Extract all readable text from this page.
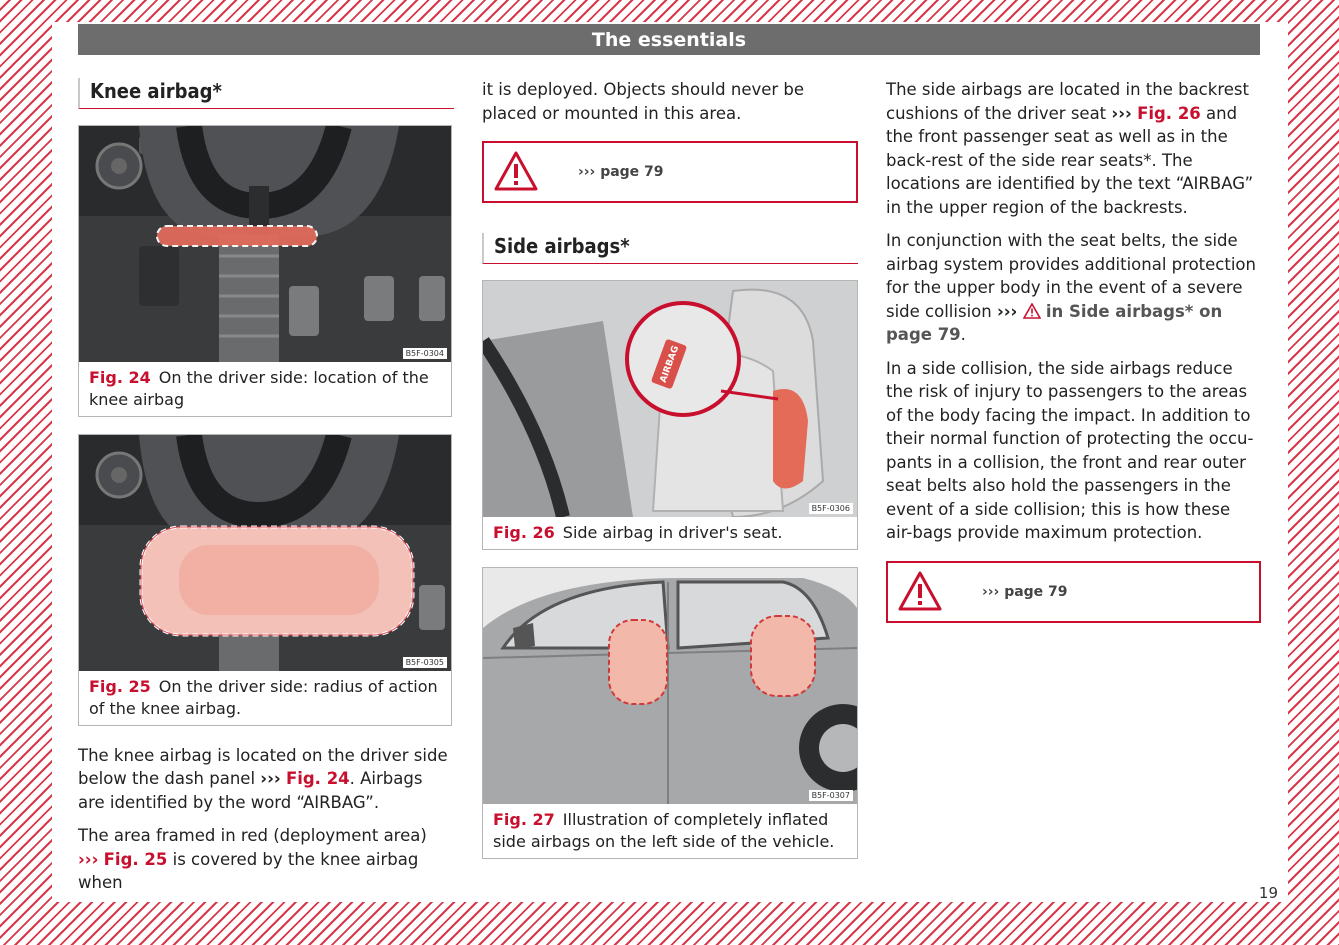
The essentials
Knee airbag*
B5F-0304
Fig. 24 On the driver side: location of the knee airbag
B5F-0305
Fig. 25 On the driver side: radius of action of the knee airbag.

The knee airbag is located on the driver side below the dash panel ››› Fig. 24. Airbags are identified by the word “AIRBAG”.

The area framed in red (deployment area)
››› Fig. 25 is covered by the knee airbag when

it is deployed. Objects should never be placed or mounted in this area.

››› page 79
Side airbags*
AIRBAG
B5F-0306
Fig. 26 Side airbag in driver's seat.
B5F-0307
Fig. 27 Illustration of completely inflated side airbags on the left side of the vehicle.

The side airbags are located in the backrest cushions of the driver seat ››› Fig. 26 and the front passenger seat as well as in the back-rest of the side rear seats*. The locations are identified by the text “AIRBAG” in the upper region of the backrests.

In conjunction with the seat belts, the side airbag system provides additional protection for the upper body in the event of a severe side collision ››› in Side airbags* on page 79.

In a side collision, the side airbags reduce the risk of injury to passengers to the areas of the body facing the impact. In addition to their normal function of protecting the occu-pants in a collision, the front and rear outer seat belts also hold the passengers in the event of a side collision; this is how these air-bags provide maximum protection.

››› page 79
19
